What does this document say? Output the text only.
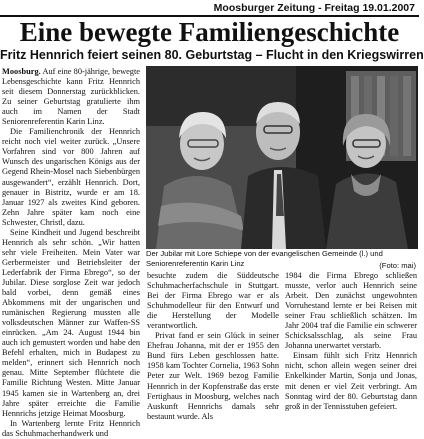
Moosburger Zeitung - Freitag 19.01.2007
Eine bewegte Familiengeschichte
Fritz Hennrich feiert seinen 80. Geburtstag – Flucht in den Kriegswirren

Moosburg. Auf eine 80-jährige, bewegte Lebensgeschichte kann Fritz Hennrich seit diesem Donnerstag zurückblicken. Zu seiner Geburtstag gratulierte ihm auch im Namen der Stadt Seniorenreferentin Karin Linz.

Die Familienchronik der Hennrich reicht noch viel weiter zurück. „Unsere Vorfahren sind vor 800 Jahren auf Wunsch des ungarischen Königs aus der Gegend Rhein-Mosel nach Siebenbürgen ausgewandert“, erzählt Hennrich. Dort, genauer in Bistritz, wurde er am 18. Januar 1927 als zweites Kind geboren. Zehn Jahre später kam noch eine Schwester, Christl, dazu.

Seine Kindheit und Jugend beschreibt Hennrich als sehr schön. „Wir hatten sehr viele Freiheiten. Mein Vater war Gerbermeister und Betriebsleiter der Lederfabrik der Firma Ebrego“, so der Jubilar. Diese sorglose Zeit war jedoch bald vorbei, denn gemäß eines Abkommens mit der ungarischen und rumänischen Regierung mussten alle volksdeutschen Männer zur Waffen-SS einrücken. „Am 24. August 1944 bin auch ich gemustert worden und habe den Befehl erhalten, mich in Budapest zu melden“, erinnert sich Hennrich noch genau. Mitte September flüchtete die Familie Richtung Westen. Mitte Januar 1945 kamen sie in Wartenberg an, drei Jahre später erreichte die Familie Hennrichs jetzige Heimat Moosburg.

In Wartenberg lernte Fritz Hennrich das Schuhmacherhandwerk und

Der Jubilar mit Lore Schiepe von der evangelischen Gemeinde (l.) und Seniorenreferentin Karin Linz	(Foto: mai)

besuchte zudem die Süddeutsche Schuhmacherfachschule in Stuttgart. Bei der Firma Ebrego war er als Schuhmodelleur für den Entwurf und die Herstellung der Modelle verantwortlich.

Privat fand er sein Glück in seiner Ehefrau Johanna, mit der er 1955 den Bund fürs Leben geschlossen hatte. 1958 kam Tochter Cornelia, 1963 Sohn Peter zur Welt. 1969 bezog Familie Hennrich in der Kopfenstraße das erste Fertighaus in Moosburg, welches nach Auskunft Hennrichs damals sehr bestaunt wurde. Als

1984 die Firma Ebrego schließen musste, verlor auch Hennrich seine Arbeit. Den zunächst ungewohnten Vorruhestand lernte er bei Reisen mit seiner Frau schließlich schätzen. Im Jahr 2004 traf die Familie ein schwerer Schicksalsschlag, als seine Frau Johanna unerwartet verstarb.

Einsam fühlt sich Fritz Hennrich nicht, schon allein wegen seiner drei Enkelkinder Martin, Sonja und Jonas, mit denen er viel Zeit verbringt. Am Sonntag wird der 80. Geburtstag dann groß in der Tennisstuben gefeiert.
